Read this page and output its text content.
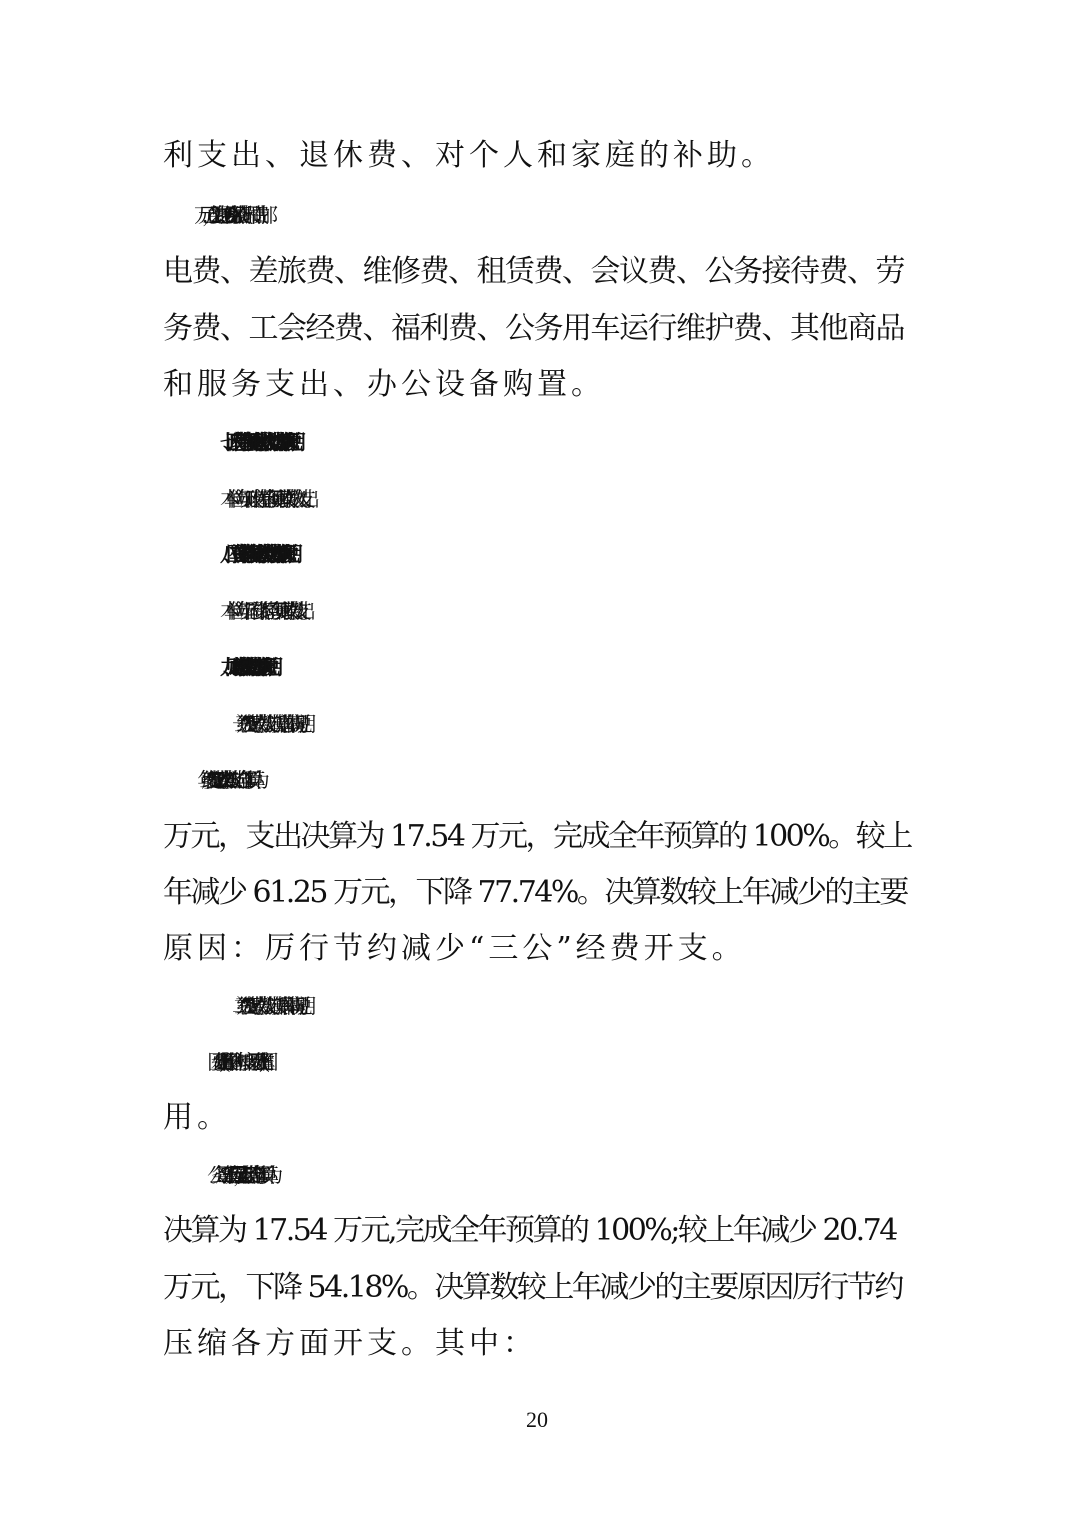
利支出、退休费、对个人和家庭的补助。
公用经费 96.26 万元，主要包括：办公费、印刷费、邮
电费、差旅费、维修费、租赁费、会议费、公务接待费、劳
务费、工会经费、福利费、公务用车运行维护费、其他商品
和服务支出、办公设备购置。
七、政府性基金预算财政拨款收入支出决算情况说明
本单位当年无政府性基金预算财政拨款收入支出。
八、国有资本经营预算财政拨款支出决算情况说明
本单位当年无国有资本经营预算财政拨款支出。
九、财政拨款“三公”经费支出决算情况说明
（一）“三公”经费财政拨款支出决算总体情况说明。
2023 年度“三公”经费财政拨款支出全年预算为 17.54
万元，支出决算为 17.54 万元，完成全年预算的 100%。较上
年减少 61.25 万元，下降 77.74%。决算数较上年减少的主要
原因：厉行节约减少“三公”经费开支。
（二）“三公”经费财政拨款支出决算具体情况说明。
1.因公出国(境)费。我单位本年度无因公出国(境)费
用。
2.公务用车购置及运行费全年预算为 17.54 万元，支出
决算为 17.54 万元,完成全年预算的 100%;较上年减少 20.74
万元，下降 54.18%。决算数较上年减少的主要原因厉行节约
压缩各方面开支。其中：
20
